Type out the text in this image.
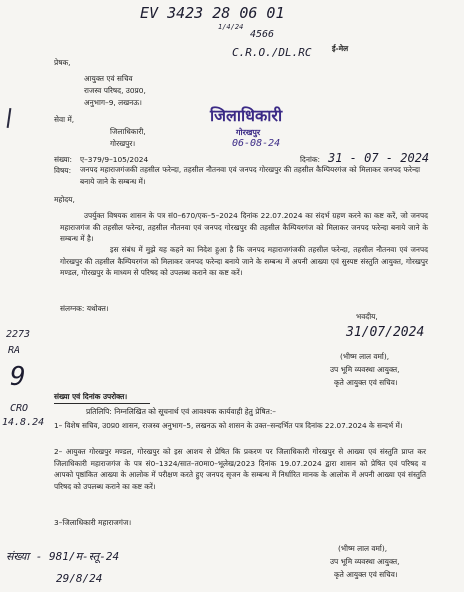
EV 3423 28 06 01
1/4/24
4566
C.R.O./DL.RC	ई-मेल
प्रेषक,
आयुक्त एवं सचिव
राजस्व परिषद, उ0प्र0,
अनुभाग–9, लखनऊ।
सेवा में,
जिलाधिकारी,
गोरखपुर।
जिलाधिकारी
गोरखपुर
06-08-24
संख्या: ए–379/9–105/2024	दिनांक: 31 - 07 - 2024
विषय: जनपद महाराजगंजकी तहसील फरेन्दा, तहसील नौतनवा एवं जनपद गोरखपुर की तहसील कैम्पियरगंज को मिलाकर जनपद फरेन्दा बनाये जाने के सम्बन्ध में।
महोदय,
उपर्युक्त विषयक शासन के पत्र सं0–670/एक–5–2024 दिनांक 22.07.2024 का संदर्भ ग्रहण करने का कष्ट करें, जो जनपद महाराजगंज की तहसील फरेन्दा, तहसील नौतनवा एवं जनपद गोरखपुर की तहसील कैम्पियरगंज को मिलाकर जनपद फरेन्दा बनाये जाने के सम्बन्ध में है।
इस संबंध में मुझे यह कहने का निदेश हुआ है कि जनपद महाराजगंजकी तहसील फरेन्दा, तहसील नौतनवा एवं जनपद गोरखपुर की तहसील कैम्पियरगंज को मिलाकर जनपद फरेन्दा बनाये जाने के सम्बन्ध में अपनी आख्या एवं सुस्पष्ट संस्तुति आयुक्त, गोरखपुर मण्डल, गोरखपुर के माध्यम से परिषद को उपलब्ध कराने का कष्ट करें।
संलग्नक: यथोक्त।
भवदीय,
31/07/2024
(भीष्म लाल वर्मा),
उप भूमि व्यवस्था आयुक्त,
कृते आयुक्त एवं सचिव।
2273
RA
9
CRO
14.8.24
संख्या एवं दिनांक उपरोक्त।
प्रतिलिपि: निम्नलिखित को सूचनार्थ एवं आवश्यक कार्यवाही हेतु प्रेषित:–
1– विशेष सचिव, उ0प्र0 शासन, राजस्व अनुभाग–5, लखनऊ को शासन के उक्त–सन्दर्भित पत्र दिनांक 22.07.2024 के सन्दर्भ में।
2– आयुक्त गोरखपुर मण्डल, गोरखपुर को इस आशय से प्रेषित कि प्रकरण पर जिलाधिकारी गोरखपुर से आख्या एवं संस्तुति प्राप्त कर जिलाधिकारी महाराजगंज के पत्र सं0–1324/सात–त0मा0–भूलेख/2023 दिनांक 19.07.2024 द्वारा शासन को प्रेषित एवं परिषद व आपको पृष्ठांकित आख्या के आलोक में परीक्षण करते हुए जनपद सृजन के सम्बन्ध में निर्धारित मानक के आलोक में अपनी आख्या एवं संस्तुति परिषद को उपलब्ध कराने का कष्ट करें।
3–जिलाधिकारी महाराजगंज।
(भीष्म लाल वर्मा),
उप भूमि व्यवस्था आयुक्त,
कृते आयुक्त एवं सचिव।
संख्या - 981/म-स्तू-24
29/8/24
